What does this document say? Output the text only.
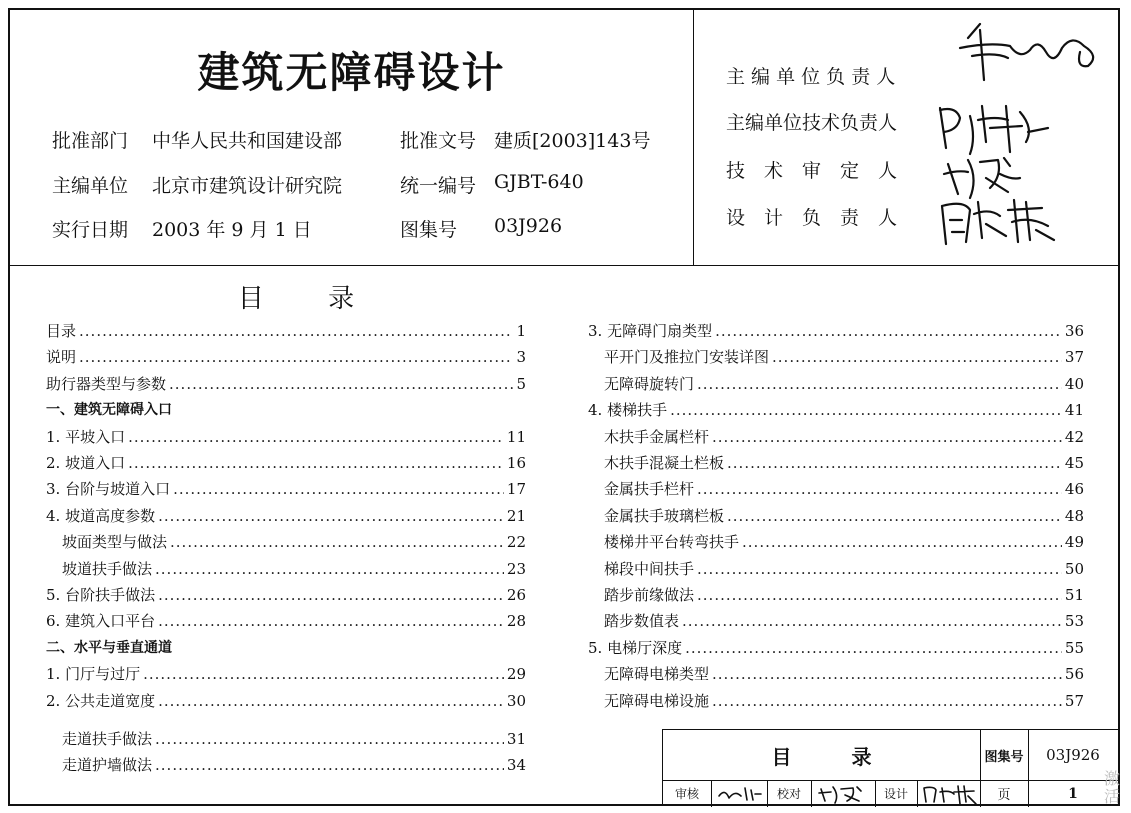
建筑无障碍设计
批准部门 中华人民共和国建设部	批准文号 建质[2003]143号
主编单位 北京市建筑设计研究院	统一编号 GJBT-640
实行日期 2003 年 9 月 1 日	图集号 03J926
主 编 单 位 负 责 人
主编单位技术负责人
技　术　审　定　人
设　计　负　责　人
目 录
目录 .....	1
说明 .....	3
助行器类型与参数 .....	5
一、建筑无障碍入口
1. 平坡入口 .....	11
2. 坡道入口 .....	16
3. 台阶与坡道入口 .....	17
4. 坡道高度参数 .....	21
坡面类型与做法 .....	22
坡道扶手做法 .....	23
5. 台阶扶手做法 .....	26
6. 建筑入口平台 .....	28
二、水平与垂直通道
1. 门厅与过厅 .....	29
2. 公共走道宽度 .....	30
走道扶手做法 .....	31
走道护墙做法 .....	34
3. 无障碍门扇类型 .....	36
平开门及推拉门安装详图 .....	37
无障碍旋转门 .....	40
4. 楼梯扶手 .....	41
木扶手金属栏杆 .....	42
木扶手混凝土栏板 .....	45
金属扶手栏杆 .....	46
金属扶手玻璃栏板 .....	48
楼梯井平台转弯扶手 .....	49
梯段中间扶手 .....	50
踏步前缘做法 .....	51
踏步数值表 .....	53
5. 电梯厅深度 .....	55
无障碍电梯类型 .....	56
无障碍电梯设施 .....	57
目　　　录	图集号	03J926
审核	校对	设计	页	1
激活
